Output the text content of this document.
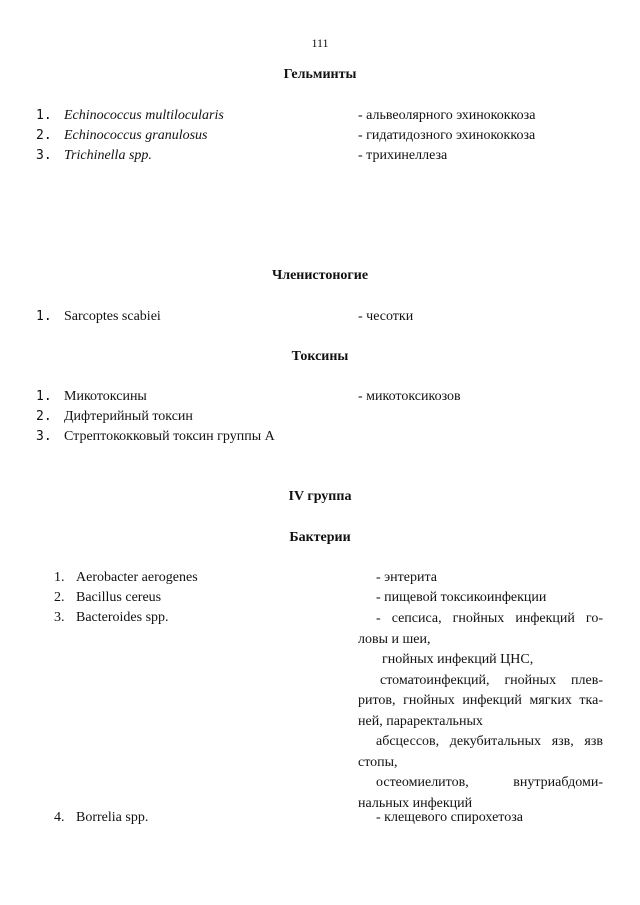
111
Гельминты
1. Echinococcus multilocularis	- альвеолярного эхинококкоза
2. Echinococcus granulosus	- гидатидозного эхинококкоза
3. Trichinella spp.	- трихинеллеза
Членистоногие
1. Sarcoptes scabiei	- чесотки
Токсины
1. Микотоксины	- микотоксикозов
2. Дифтерийный токсин
3. Стрептококковый токсин группы А
IV группа
Бактерии
1. Aerobacter aerogenes	- энтерита
2. Bacillus cereus	- пищевой токсикоинфекции
3. Bacteroides spp.	- сепсиса, гнойных инфекций го-
ловы и шеи,
гнойных инфекций ЦНС,
стоматоинфекций, гнойных плев-
ритов, гнойных инфекций мягких тка-
ней, параректальных
абсцессов, декубитальных язв, язв
стопы,
остеомиелитов, внутриабдоми-
нальных инфекций
4. Borrelia spp.	- клещевого спирохетоза
